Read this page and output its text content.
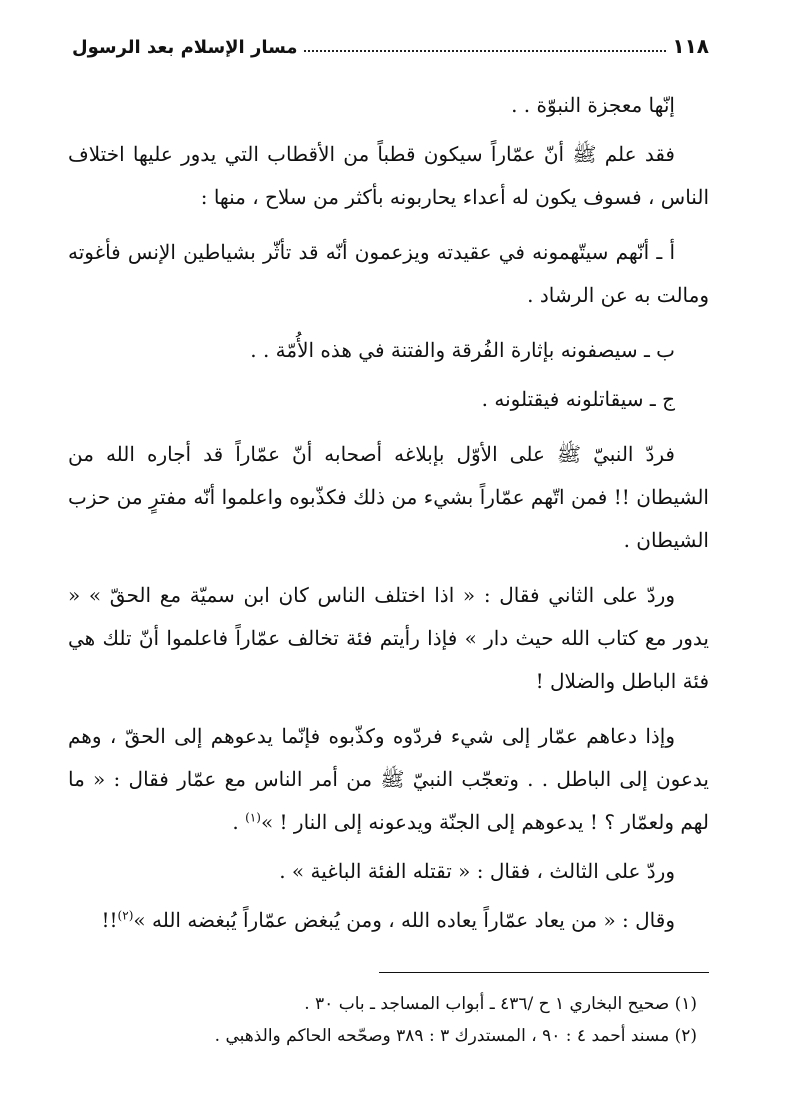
١١٨
مسار الإسلام بعد الرسول

إنّها معجزة النبوّة . .

فقد علم ﷺ أنّ عمّاراً سيكون قطباً من الأقطاب التي يدور عليها اختلاف الناس ، فسوف يكون له أعداء يحاربونه بأكثر من سلاح ، منها :

أ ـ أنّهم سيتّهمونه في عقيدته ويزعمون أنّه قد تأثّر بشياطين الإنس فأغوته ومالت به عن الرشاد .

ب ـ سيصفونه بإثارة الفُرقة والفتنة في هذه الأُمّة . .

ج ـ سيقاتلونه فيقتلونه .

فردّ النبيّ ﷺ على الأوّل بإبلاغه أصحابه أنّ عمّاراً قد أجاره الله من الشيطان !! فمن اتّهم عمّاراً بشيء من ذلك فكذّبوه واعلموا أنّه مفترٍ من حزب الشيطان .

وردّ على الثاني فقال : « اذا اختلف الناس كان ابن سميّة مع الحقّ » « يدور مع كتاب الله حيث دار » فإذا رأيتم فئة تخالف عمّاراً فاعلموا أنّ تلك هي فئة الباطل والضلال !

وإذا دعاهم عمّار إلى شيء فردّوه وكذّبوه فإنّما يدعوهم إلى الحقّ ، وهم يدعون إلى الباطل . . وتعجّب النبيّ ﷺ من أمر الناس مع عمّار فقال : « ما لهم ولعمّار ؟ ! يدعوهم إلى الجنّة ويدعونه إلى النار ! »$^{(١)}$ .

وردّ على الثالث ، فقال : « تقتله الفئة الباغية » .

وقال : « من يعاد عمّاراً يعاده الله ، ومن يُبغض عمّاراً يُبغضه الله »$^{(٢)}$!!

(١) صحيح البخاري ١ ح /٤٣٦ ـ أبواب المساجد ـ باب ٣٠ .

(٢) مسند أحمد ٤ : ٩٠ ، المستدرك ٣ : ٣٨٩ وصحّحه الحاكم والذهبي .
